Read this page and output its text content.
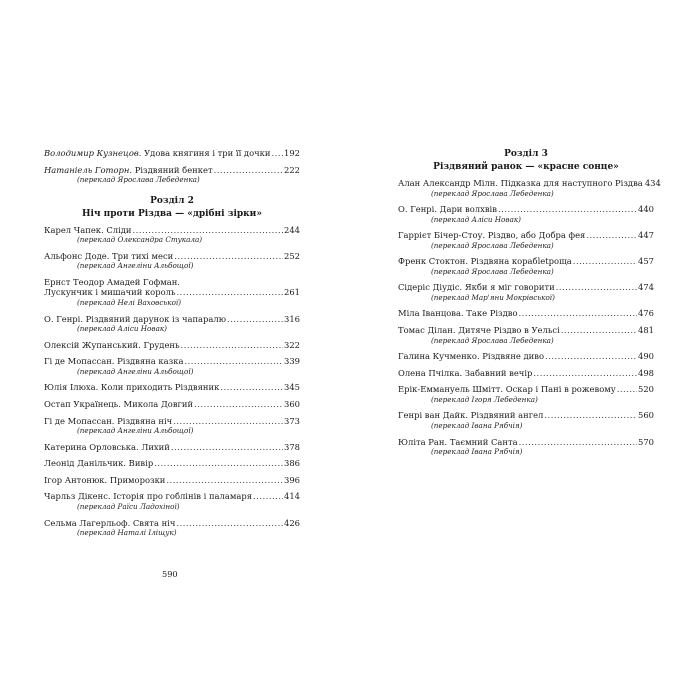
Володимир Кузнецов. Удова княгиня і три її дочки ..... 192
Натаніель Готорн. Різдвяний бенкет .....	222
(переклад Ярослава Лебеденка)
Розділ 2
Ніч проти Різдва — «дрібні зірки»
Карел Чапек. Сліди .....	244
(переклад Олександра Стукала)
Альфонс Доде. Три тихі меси .....	252
(переклад Ангеліни Альбощої)
Ернст Теодор Амадей Гофман.
Лускунчик і мишачий король .....	261
(переклад Нелі Ваховської)
О. Генрі. Різдвяний дарунок із чапаралю .....	316
(переклад Аліси Новак)
Олексій Жупанський. Грудень .....	322
Гі де Мопассан. Різдвяна казка .....	339
(переклад Ангеліни Альбощої)
Юлія Ілюха. Коли приходить Різдвяник .....	345
Остап Українець. Микола Довгий .....	360
Гі де Мопассан. Різдвяна ніч .....	373
(переклад Ангеліни Альбощої)
Катерина Орловська. Лихий .....	378
Леонід Данільчик. Вивір .....	386
Ігор Антонюк. Приморозки .....	396
Чарльз Дікенс. Історія про гоблінів і паламаря .....	414
(переклад Раїси Ладохіної)
Сельма Лагерльоф. Свята ніч .....	426
(переклад Наталі Іліщук)
Розділ 3
Різдвяний ранок — «красне сонце»
Алан Александр Мілн. Підказка для наступного Різдва 434
(переклад Ярослава Лебеденка)
О. Генрі. Дари волхвів .....	440
(переклад Аліси Новак)
Гаррієт Бічер-Стоу. Різдво, або Добра фея .....	447
(переклад Ярослава Лебеденка)
Френк Стоктон. Різдвяна корабletроща .....	457
(переклад Ярослава Лебеденка)
Сідеріс Діудіс. Якби я міг говорити .....	474
(переклад Мар'яни Мокрівської)
Міла Іванцова. Таке Різдво .....	476
Томас Ділан. Дитяче Різдво в Уельсі .....	481
(переклад Ярослава Лебеденка)
Галина Кучменко. Різдвяне диво .....	490
Олена Пчілка. Забавний вечір .....	498
Ерік-Еммануель Шмітт. Оскар і Пані в рожевому .....	520
(переклад Ігоря Лебеденка)
Генрі ван Дайк. Різдвяний ангел .....	560
(переклад Івана Рябчія)
Юліта Ран. Таємний Санта .....	570
(переклад Івана Рябчія)
590
